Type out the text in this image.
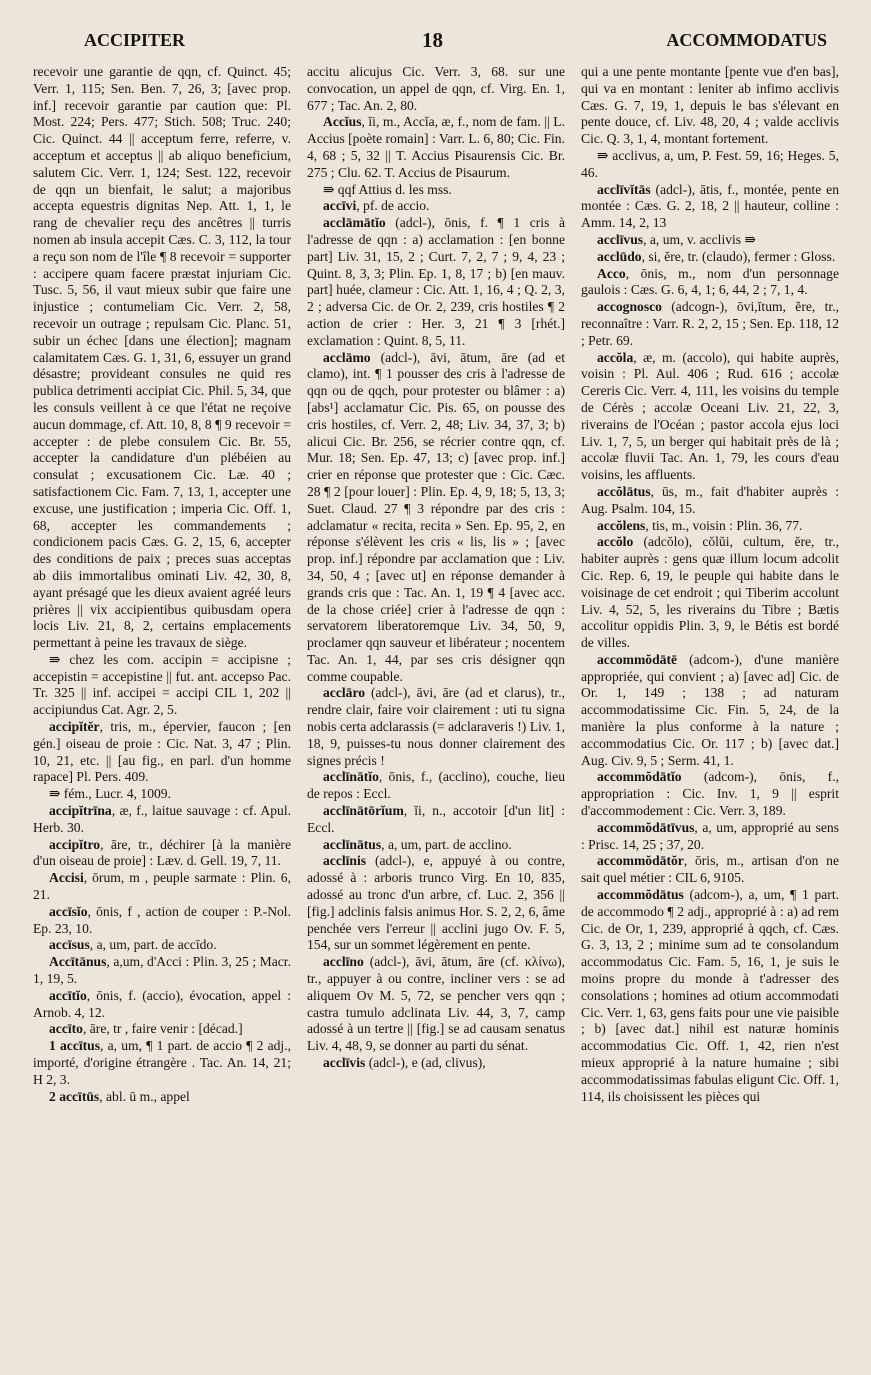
ACCIPITER	18	ACCOMMODATUS

recevoir une garantie de qqn, cf. Quinct. 45; Verr. 1, 115; Sen. Ben. 7, 26, 3; [avec prop. inf.] recevoir garantie par caution que: Pl. Most. 224; Pers. 477; Stich. 508; Truc. 240; Cic. Quinct. 44 || acceptum ferre, referre, v. acceptum et acceptus || ab aliquo beneficium, salutem Cic. Verr. 1, 124; Sest. 122, recevoir de qqn un bienfait, le salut; a majoribus accepta equestris dignitas Nep. Att. 1, 1, le rang de chevalier reçu des ancêtres || turris nomen ab insula accepit Cæs. C. 3, 112, la tour a reçu son nom de l'île ¶ 8 recevoir = supporter : accipere quam facere præstat injuriam Cic. Tusc. 5, 56, il vaut mieux subir que faire une injustice ; contumeliam Cic. Verr. 2, 58, recevoir un outrage ; repulsam Cic. Planc. 51, subir un échec [dans une élection]; magnam calamitatem Cæs. G. 1, 31, 6, essuyer un grand désastre; provideant consules ne quid res publica detrimenti accipiat Cic. Phil. 5, 34, que les consuls veillent à ce que l'état ne reçoive aucun dommage, cf. Att. 10, 8, 8 ¶ 9 recevoir = accepter : de plebe consulem Cic. Br. 55, accepter la candidature d'un plébéien au consulat ; excusationem Cic. Læ. 40 ; satisfactionem Cic. Fam. 7, 13, 1, accepter une excuse, une justification ; imperia Cic. Off. 1, 68, accepter les commandements ; condicionem pacis Cæs. G. 2, 15, 6, accepter des conditions de paix ; preces suas acceptas ab diis immortalibus ominati Liv. 42, 30, 8, ayant présagé que les dieux avaient agréé leurs prières || vix accipientibus quibusdam opera locis Liv. 21, 8, 2, certains emplacements permettant à peine les travaux de siège.

⇛ chez les com. accipin = accipisne ; accepistin = accepistine || fut. ant. accepso Pac. Tr. 325 || inf. accipei = accipi CIL 1, 202 || accipiundus Cat. Agr. 2, 5.

accipĭtĕr, tris, m., épervier, faucon ; [en gén.] oiseau de proie : Cic. Nat. 3, 47 ; Plin. 10, 21, etc. || [au fig., en parl. d'un homme rapace] Pl. Pers. 409.

⇛ fém., Lucr. 4, 1009.

accipĭtrīna, æ, f., laitue sauvage : cf. Apul. Herb. 30.

accipĭtro, āre, tr., déchirer [à la manière d'un oiseau de proie] : Læv. d. Gell. 19, 7, 11.

Accisi, ōrum, m , peuple sarmate : Plin. 6, 21.

accīsĭo, ōnis, f , action de couper : P.-Nol. Ep. 23, 10.

accīsus, a, um, part. de accīdo.

Accītānus, a,um, d'Acci : Plin. 3, 25 ; Macr. 1, 19, 5.

accītĭo, ōnis, f. (accio), évocation, appel : Arnob. 4, 12.

accīto, āre, tr , faire venir : [décad.]

1 accītus, a, um, ¶ 1 part. de accio ¶ 2 adj., importé, d'origine étrangère . Tac. An. 14, 21; H 2, 3.

2 accītūs, abl. ū m., appel

accitu alicujus Cic. Verr. 3, 68. sur une convocation, un appel de qqn, cf. Virg. En. 1, 677 ; Tac. An. 2, 80.

Accĭus, ĭi, m., Accĭa, æ, f., nom de fam. || L. Accius [poète romain] : Varr. L. 6, 80; Cic. Fin. 4, 68 ; 5, 32 || T. Accius Pisaurensis Cic. Br. 275 ; Clu. 62. T. Accius de Pisaurum.

⇛ qqf Attius d. les mss.

accīvi, pf. de accio.

acclāmātĭo (adcl-), ōnis, f. ¶ 1 cris à l'adresse de qqn : a) acclamation : [en bonne part] Liv. 31, 15, 2 ; Curt. 7, 2, 7 ; 9, 4, 23 ; Quint. 8, 3, 3; Plin. Ep. 1, 8, 17 ; b) [en mauv. part] huée, clameur : Cic. Att. 1, 16, 4 ; Q. 2, 3, 2 ; adversa Cic. de Or. 2, 239, cris hostiles ¶ 2 action de crier : Her. 3, 21 ¶ 3 [rhét.] exclamation : Quint. 8, 5, 11.

acclāmo (adcl-), āvi, ātum, āre (ad et clamo), int. ¶ 1 pousser des cris à l'adresse de qqn ou de qqch, pour protester ou blâmer : a) [abs¹] acclamatur Cic. Pis. 65, on pousse des cris hostiles, cf. Verr. 2, 48; Liv. 34, 37, 3; b) alicui Cic. Br. 256, se récrier contre qqn, cf. Mur. 18; Sen. Ep. 47, 13; c) [avec prop. inf.] crier en réponse que protester que : Cic. Cæc. 28 ¶ 2 [pour louer] : Plin. Ep. 4, 9, 18; 5, 13, 3; Suet. Claud. 27 ¶ 3 répondre par des cris : adclamatur « recita, recita » Sen. Ep. 95, 2, en réponse s'élèvent les cris « lis, lis » ; [avec prop. inf.] répondre par acclamation que : Liv. 34, 50, 4 ; [avec ut] en réponse demander à grands cris que : Tac. An. 1, 19 ¶ 4 [avec acc. de la chose criée] crier à l'adresse de qqn : servatorem liberatoremque Liv. 34, 50, 9, proclamer qqn sauveur et libérateur ; nocentem Tac. An. 1, 44, par ses cris désigner qqn comme coupable.

acclāro (adcl-), āvi, āre (ad et clarus), tr., rendre clair, faire voir clairement : uti tu signa nobis certa adclarassis (= adclaraveris !) Liv. 1, 18, 9, puisses-tu nous donner clairement des signes précis !

acclīnātĭo, ōnis, f., (acclino), couche, lieu de repos : Eccl.

acclīnātōrĭum, ĭi, n., accotoir [d'un lit] : Eccl.

acclīnātus, a, um, part. de acclino.

acclīnis (adcl-), e, appuyé à ou contre, adossé à : arboris trunco Virg. En 10, 835, adossé au tronc d'un arbre, cf. Luc. 2, 356 || [fig.] adclinis falsis animus Hor. S. 2, 2, 6, âme penchée vers l'erreur || acclini jugo Ov. F. 5, 154, sur un sommet légèrement en pente.

acclīno (adcl-), āvi, ātum, āre (cf. κλίνω), tr., appuyer à ou contre, incliner vers : se ad aliquem Ov M. 5, 72, se pencher vers qqn ; castra tumulo adclinata Liv. 44, 3, 7, camp adossé à un tertre || [fig.] se ad causam senatus Liv. 4, 48, 9, se donner au parti du sénat.

acclīvis (adcl-), e (ad, clivus),

qui a une pente montante [pente vue d'en bas], qui va en montant : leniter ab infimo acclivis Cæs. G. 7, 19, 1, depuis le bas s'élevant en pente douce, cf. Liv. 48, 20, 4 ; valde acclivis Cic. Q. 3, 1, 4, montant fortement.

⇛ acclivus, a, um, P. Fest. 59, 16; Heges. 5, 46.

acclīvĭtās (adcl-), ātis, f., montée, pente en montée : Cæs. G. 2, 18, 2 || hauteur, colline : Amm. 14, 2, 13

acclīvus, a, um, v. acclivis ⇛

acclūdo, si, ĕre, tr. (claudo), fermer : Gloss.

Acco, ōnis, m., nom d'un personnage gaulois : Cæs. G. 6, 4, 1; 6, 44, 2 ; 7, 1, 4.

accognosco (adcogn-), ōvi,ĭtum, ĕre, tr., reconnaître : Varr. R. 2, 2, 15 ; Sen. Ep. 118, 12 ; Petr. 69.

accŏla, æ, m. (accolo), qui habite auprès, voisin : Pl. Aul. 406 ; Rud. 616 ; accolæ Cereris Cic. Verr. 4, 111, les voisins du temple de Cérès ; accolæ Oceani Liv. 21, 22, 3, riverains de l'Océan ; pastor accola ejus loci Liv. 1, 7, 5, un berger qui habitait près de là ; accolæ fluvii Tac. An. 1, 79, les cours d'eau voisins, les affluents.

accŏlātus, ūs, m., fait d'habiter auprès : Aug. Psalm. 104, 15.

accŏlens, tis, m., voisin : Plin. 36, 77.

accŏlo (adcŏlo), cŏlŭi, cultum, ĕre, tr., habiter auprès : gens quæ illum locum adcolit Cic. Rep. 6, 19, le peuple qui habite dans le voisinage de cet endroit ; qui Tiberim accolunt Liv. 4, 52, 5, les riverains du Tibre ; Bætis accolitur oppidis Plin. 3, 9, le Bétis est bordé de villes.

accommŏdātē (adcom-), d'une manière appropriée, qui convient ; a) [avec ad] Cic. de Or. 1, 149 ; 138 ; ad naturam accommodatissime Cic. Fin. 5, 24, de la manière la plus conforme à la nature ; accommodatius Cic. Or. 117 ; b) [avec dat.] Aug. Civ. 9, 5 ; Serm. 41, 1.

accommŏdātĭo (adcom-), ōnis, f., appropriation : Cic. Inv. 1, 9 || esprit d'accommodement : Cic. Verr. 3, 189.

accommŏdātīvus, a, um, approprié au sens : Prisc. 14, 25 ; 37, 20.

accommŏdātŏr, ōris, m., artisan d'on ne sait quel métier : CIL 6, 9105.

accommŏdātus (adcom-), a, um, ¶ 1 part. de accommodo ¶ 2 adj., approprié à : a) ad rem Cic. de Or, 1, 239, approprié à qqch, cf. Cæs. G. 3, 13, 2 ; minime sum ad te consolandum accommodatus Cic. Fam. 5, 16, 1, je suis le moins propre du monde à t'adresser des consolations ; homines ad otium accommodati Cic. Verr. 1, 63, gens faits pour une vie paisible ; b) [avec dat.] nihil est naturæ hominis accommodatius Cic. Off. 1, 42, rien n'est mieux approprié à la nature humaine ; sibi accommodatissimas fabulas eligunt Cic. Off. 1, 114, ils choisissent les pièces qui
